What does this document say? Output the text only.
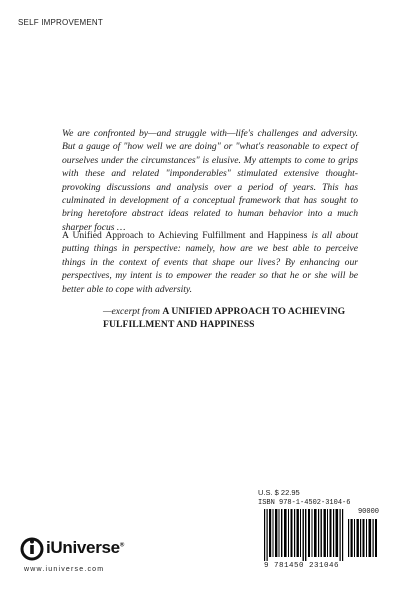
SELF IMPROVEMENT
We are confronted by—and struggle with—life's challenges and adversity. But a gauge of "how well we are doing" or "what's reasonable to expect of ourselves under the circumstances" is elusive. My attempts to come to grips with these and related "imponderables" stimulated extensive thought-provoking discussions and analysis over a period of years. This has culminated in development of a conceptual framework that has sought to bring heretofore abstract ideas related to human behavior into a much sharper focus …
A Unified Approach to Achieving Fulfillment and Happiness is all about putting things in perspective: namely, how are we best able to perceive things in the context of events that shape our lives? By enhancing our perspectives, my intent is to empower the reader so that he or she will be better able to cope with adversity.
—excerpt from A UNIFIED APPROACH TO ACHIEVING FULFILLMENT AND HAPPINESS
U.S. $ 22.95
ISBN 978-1-4502-3104-6
90000
9 781450 231046
iUniverse®
www.iuniverse.com
